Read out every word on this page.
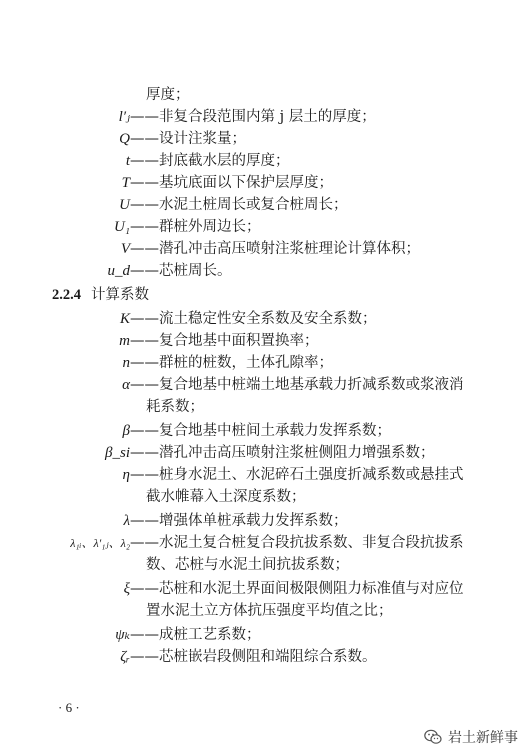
厚度；
l′ⱼ ——非复合段范围内第 j 层土的厚度；
Q ——设计注浆量；
t ——封底截水层的厚度；
T ——基坑底面以下保护层厚度；
U ——水泥土桩周长或复合桩周长；
U₁ ——群桩外周边长；
V ——潜孔冲击高压喷射注浆桩理论计算体积；
u_d ——芯桩周长。
2.2.4 计算系数
K ——流土稳定性安全系数及安全系数；
m ——复合地基中面积置换率；
n ——群桩的桩数，土体孔隙率；
α ——复合地基中桩端土地基承载力折减系数或浆液消
耗系数；
β ——复合地基中桩间土承载力发挥系数；
β_si ——潜孔冲击高压喷射注浆桩侧阻力增强系数；
η ——桩身水泥土、水泥碎石土强度折减系数或悬挂式
截水帷幕入土深度系数；
λ ——增强体单桩承载力发挥系数；
λ₁ᵢ、λ′₁ⱼ、λ₂ ——水泥土复合桩复合段抗拔系数、非复合段抗拔系
数、芯桩与水泥土间抗拔系数；
ξ ——芯桩和水泥土界面间极限侧阻力标准值与对应位
置水泥土立方体抗压强度平均值之比；
ψₖ ——成桩工艺系数；
ζᵣ ——芯桩嵌岩段侧阻和端阻综合系数。
· 6 ·
岩土新鲜事
